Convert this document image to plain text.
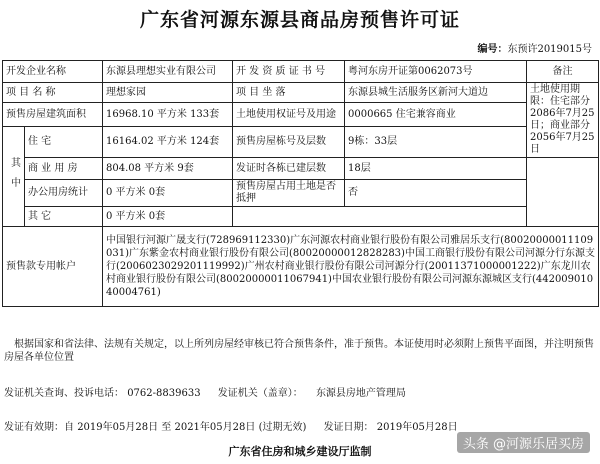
广东省河源东源县商品房预售许可证
编号：东预许2019015号
开发企业名称		东源县理想实业有限公司	开 发 资 质 证 书 号	粤河东房开证第0062073号	备注
项 目 名 称		理想家园	项 目 坐 落	东源县城生活服务区新河大道边	土地使用期限：住宅部分2086年7月25日；商业部分2056年7月25日
预售房屋建筑面积		16968.10 平方米 133套	土地使用权证号及用途	0000665 住宅兼容商业	
其中	住 宅	16164.02 平方米 124套	预售房屋栋号及层数	9栋：33层	
	商 业 用 房	804.08 平方米 9套	发证时各栋已建层数	18层	
	办公用房统计	0 平方米 0套	预售房屋占用土地是否抵押	否	
	其 它	0 平方米 0套			
预售款专用帐户		中国银行河源广晟支行(728969112330)广东河源农村商业银行股份有限公司雅居乐支行(80020000011109031)广东紫金农村商业银行股份有限公司(80020000012828283)中国工商银行股份有限公司河源分行东源支行(2006023029201119992)广州农村商业银行股份有限公司河源分行(20011371000001222)广东龙川农村商业银行股份有限公司(80020000011067941)中国农业银行股份有限公司河源东源城区支行(44200901040004761)			
根据国家和省法律、法规有关规定，以上所列房屋经审核已符合预售条件，准于预售。本证使用时必须附上预售平面图，并注明预售房屋各单位位置
发证机关查询、投诉电话： 0762-8839633 发证机关（盖章）： 东源县房地产管理局
发证有效期：自 2019年05月28日 至 2021年05月28日 (过期无效) 发证日期： 2019年05月28日
广东省住房和城乡建设厅监制	头条 @河源乐居买房
